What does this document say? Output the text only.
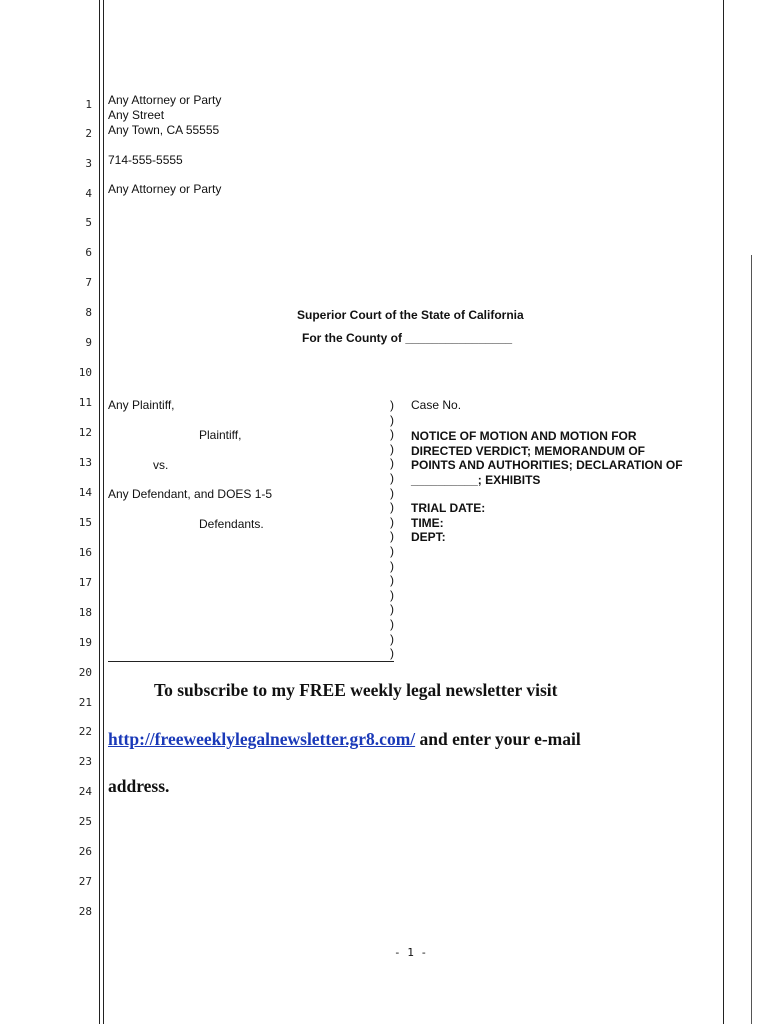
1
2
3
4
5
6
7
8
9
10
11
12
13
14
15
16
17
18
19
20
21
22
23
24
25
26
27
28
Any Attorney or Party
Any Street
Any Town, CA 55555
714-555-5555
Any Attorney or Party
Superior Court of the State of California
For the County of ________________
Any Plaintiff,
Plaintiff,
vs.
Any Defendant, and DOES 1-5
Defendants.
)
)
)
)
)
)
)
)
)
)
)
)
)
)
)
)
)
)
Case No.
NOTICE OF MOTION AND MOTION FOR
DIRECTED VERDICT; MEMORANDUM OF
POINTS AND AUTHORITIES; DECLARATION OF
__________; EXHIBITS
TRIAL DATE:
TIME:
DEPT:
To subscribe to my FREE weekly legal newsletter visit
http://freeweeklylegalnewsletter.gr8.com/ and enter your e-mail
address.
- 1 -
